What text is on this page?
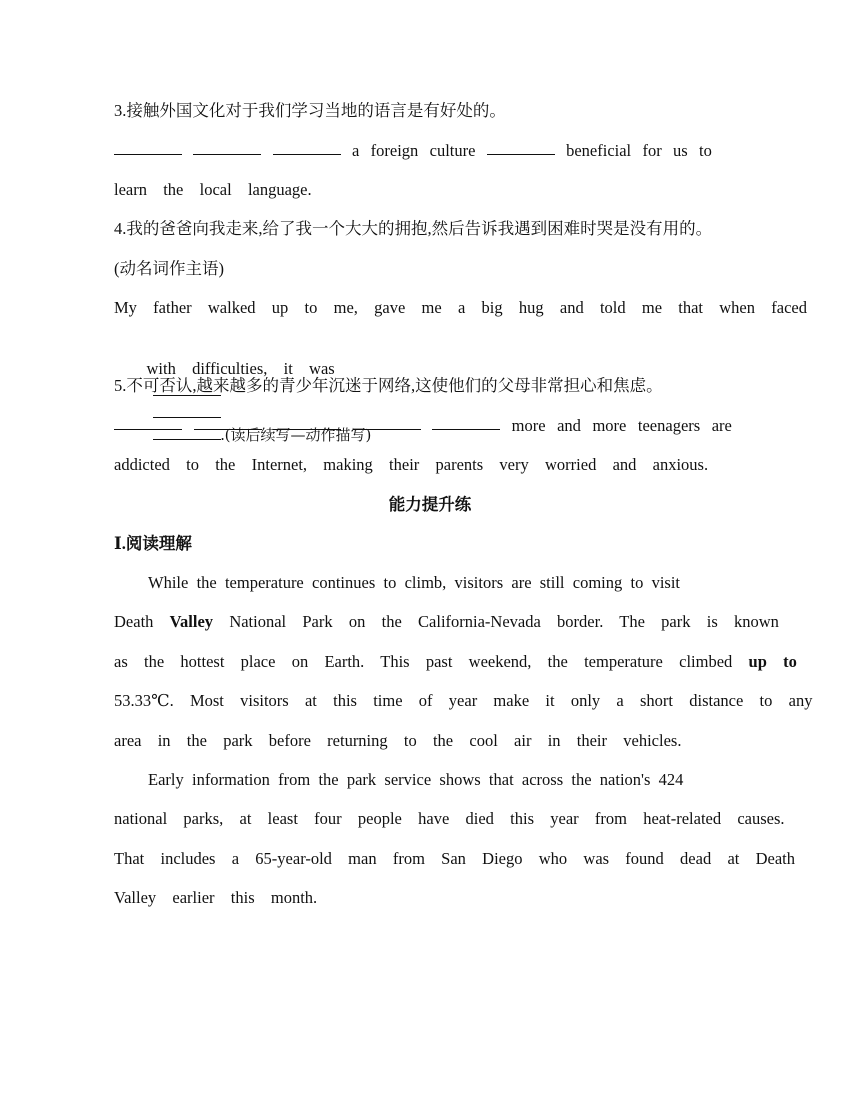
3.接触外国文化对于我们学习当地的语言是有好处的。
a foreign culture	beneficial for us to
learn  the  local  language.
4.我的爸爸向我走来,给了我一个大大的拥抱,然后告诉我遇到困难时哭是没有用的。
(动名词作主语)
My  father  walked  up  to  me,  gave  me  a  big  hug  and  told  me  that  when  faced

with  difficulties,  it  was

.(读后续写—动作描写)

5.不可否认,越来越多的青少年沉迷于网络,这使他们的父母非常担心和焦虑。
more and more teenagers are
addicted  to  the  Internet,  making  their  parents  very  worried  and  anxious.
能力提升练
Ⅰ.阅读理解
While  the  temperature  continues  to  climb,  visitors  are  still  coming  to  visit
Death Valley National  Park  on  the  California-Nevada  border.  The  park  is  known
as  the  hottest  place  on  Earth.  This  past  weekend,  the  temperature  climbed up  to
53.33℃.  Most  visitors  at  this  time  of  year  make  it  only  a  short  distance  to  any
area  in  the  park  before  returning  to  the  cool  air  in  their  vehicles.
Early  information  from  the  park  service  shows  that  across  the  nation's  424
national  parks,  at  least  four  people  have  died  this  year  from  heat-related  causes.
That  includes  a  65-year-old  man  from  San  Diego  who  was  found  dead  at  Death
Valley  earlier  this  month.
